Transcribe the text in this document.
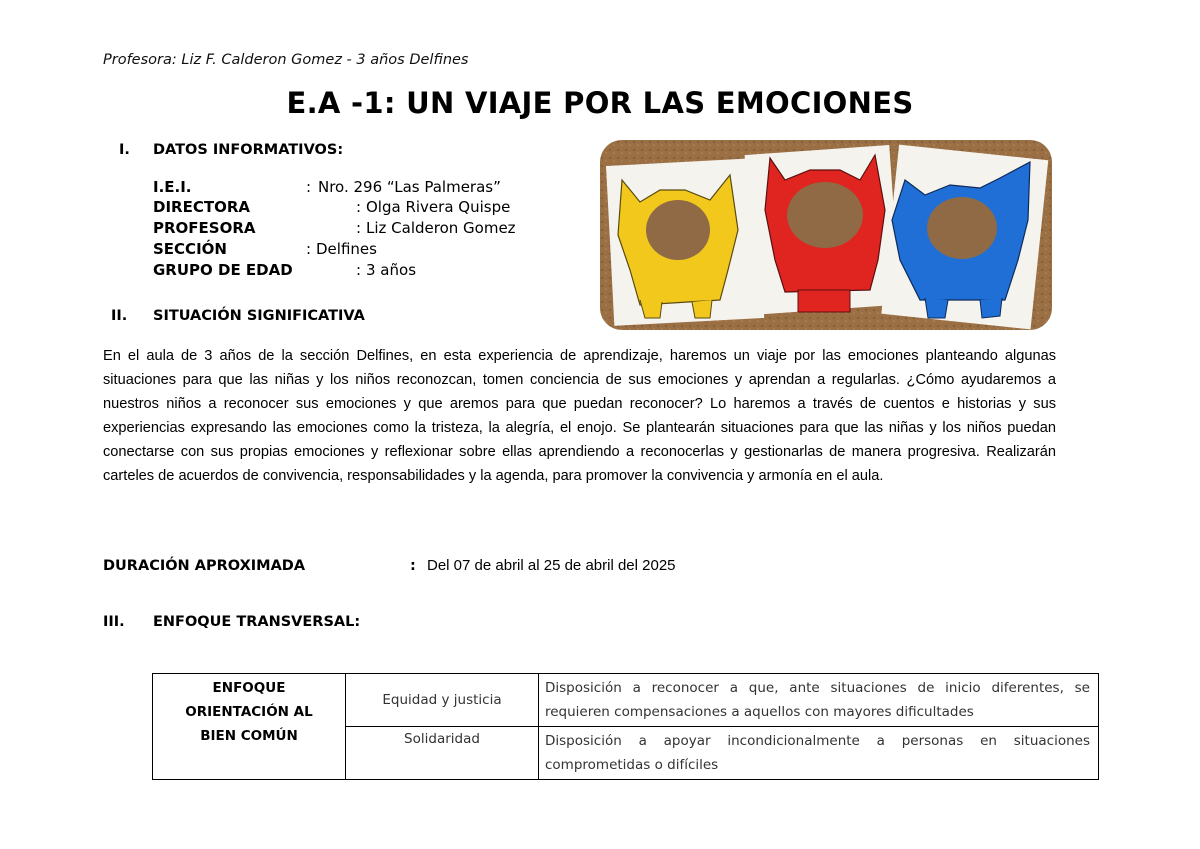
Profesora: Liz F. Calderon Gomez - 3 años Delfines
E.A -1: UN VIAJE POR LAS EMOCIONES
I. DATOS INFORMATIVOS:
I.E.I.	: Nro. 296 “Las Palmeras”
DIRECTORA	: Olga Rivera Quispe
PROFESORA	: Liz Calderon Gomez
SECCIÓN	: Delfines
GRUPO DE EDAD	: 3 años
II. SITUACIÓN SIGNIFICATIVA
En el aula de 3 años de la sección Delfines, en esta experiencia de aprendizaje, haremos un viaje por las emociones planteando algunas situaciones para que las niñas y los niños reconozcan, tomen conciencia de sus emociones y aprendan a regularlas. ¿Cómo ayudaremos a nuestros niños a reconocer sus emociones y que aremos para que puedan reconocer? Lo haremos a través de cuentos e historias y sus experiencias expresando las emociones como la tristeza, la alegría, el enojo. Se plantearán situaciones para que las niñas y los niños puedan conectarse con sus propias emociones y reflexionar sobre ellas aprendiendo a reconocerlas y gestionarlas de manera progresiva. Realizarán carteles de acuerdos de convivencia, responsabilidades y la agenda, para promover la convivencia y armonía en el aula.
DURACIÓN APROXIMADA	: Del 07 de abril al 25 de abril del 2025
III. ENFOQUE TRANSVERSAL:
ENFOQUE
ORIENTACIÓN AL
BIEN COMÚN	Equidad y justicia	Disposición a reconocer a que, ante situaciones de inicio diferentes, se requieren compensaciones a aquellos con mayores dificultades
	Solidaridad	Disposición a apoyar incondicionalmente a personas en situaciones comprometidas o difíciles
